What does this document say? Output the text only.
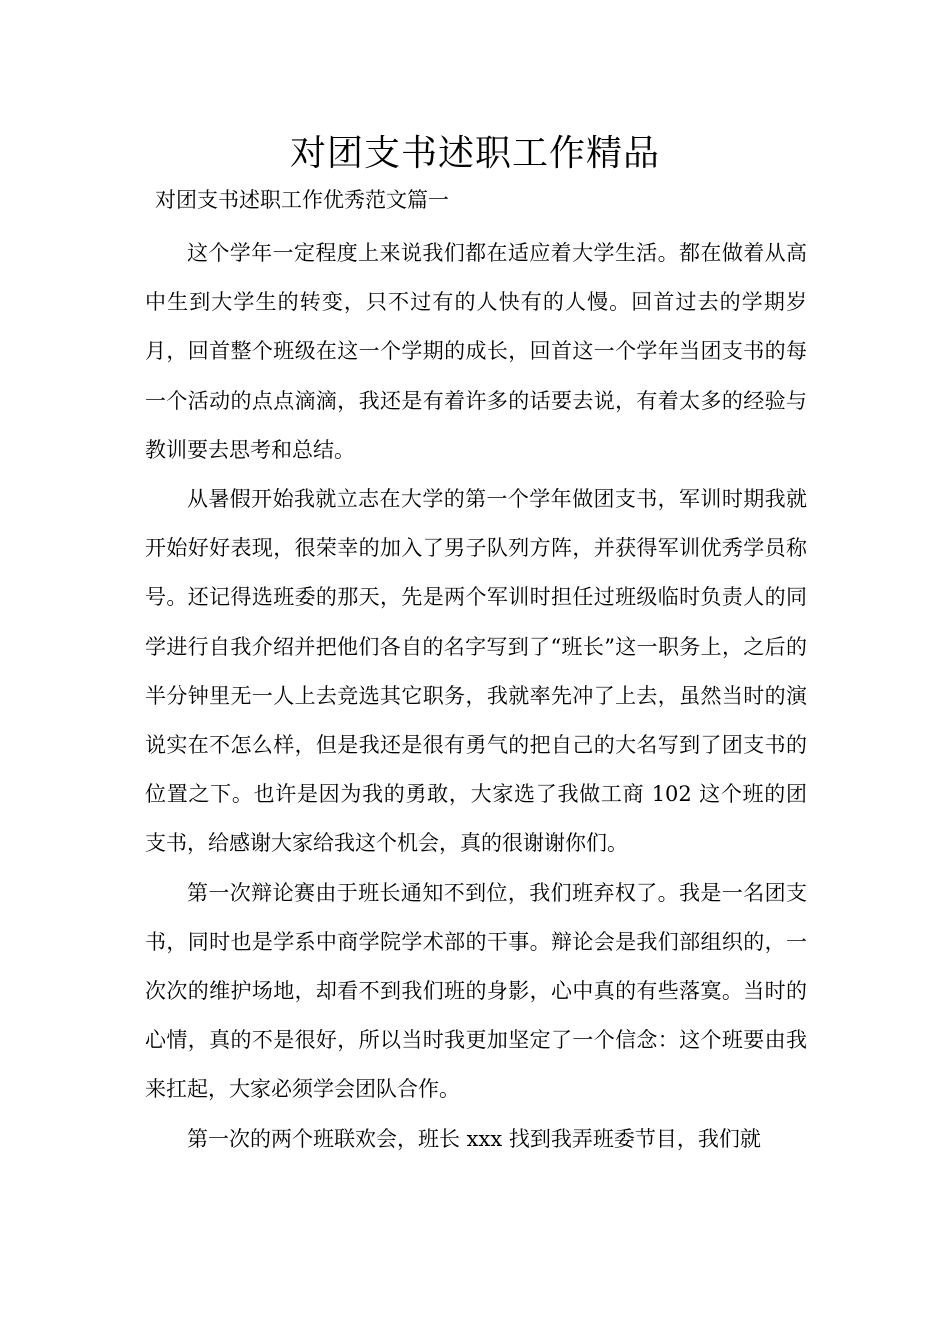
对团支书述职工作精品
对团支书述职工作优秀范文篇一

这个学年一定程度上来说我们都在适应着大学生活。都在做着从高中生到大学生的转变，只不过有的人快有的人慢。回首过去的学期岁月，回首整个班级在这一个学期的成长，回首这一个学年当团支书的每一个活动的点点滴滴，我还是有着许多的话要去说，有着太多的经验与教训要去思考和总结。

从暑假开始我就立志在大学的第一个学年做团支书，军训时期我就开始好好表现，很荣幸的加入了男子队列方阵，并获得军训优秀学员称号。还记得选班委的那天，先是两个军训时担任过班级临时负责人的同学进行自我介绍并把他们各自的名字写到了“班长”这一职务上，之后的半分钟里无一人上去竞选其它职务，我就率先冲了上去，虽然当时的演说实在不怎么样，但是我还是很有勇气的把自己的大名写到了团支书的位置之下。也许是因为我的勇敢，大家选了我做工商 102 这个班的团支书，给感谢大家给我这个机会，真的很谢谢你们。

第一次辩论赛由于班长通知不到位，我们班弃权了。我是一名团支书，同时也是学系中商学院学术部的干事。辩论会是我们部组织的，一次次的维护场地，却看不到我们班的身影，心中真的有些落寞。当时的心情，真的不是很好，所以当时我更加坚定了一个信念：这个班要由我来扛起，大家必须学会团队合作。

第一次的两个班联欢会，班长 xxx 找到我弄班委节目，我们就
